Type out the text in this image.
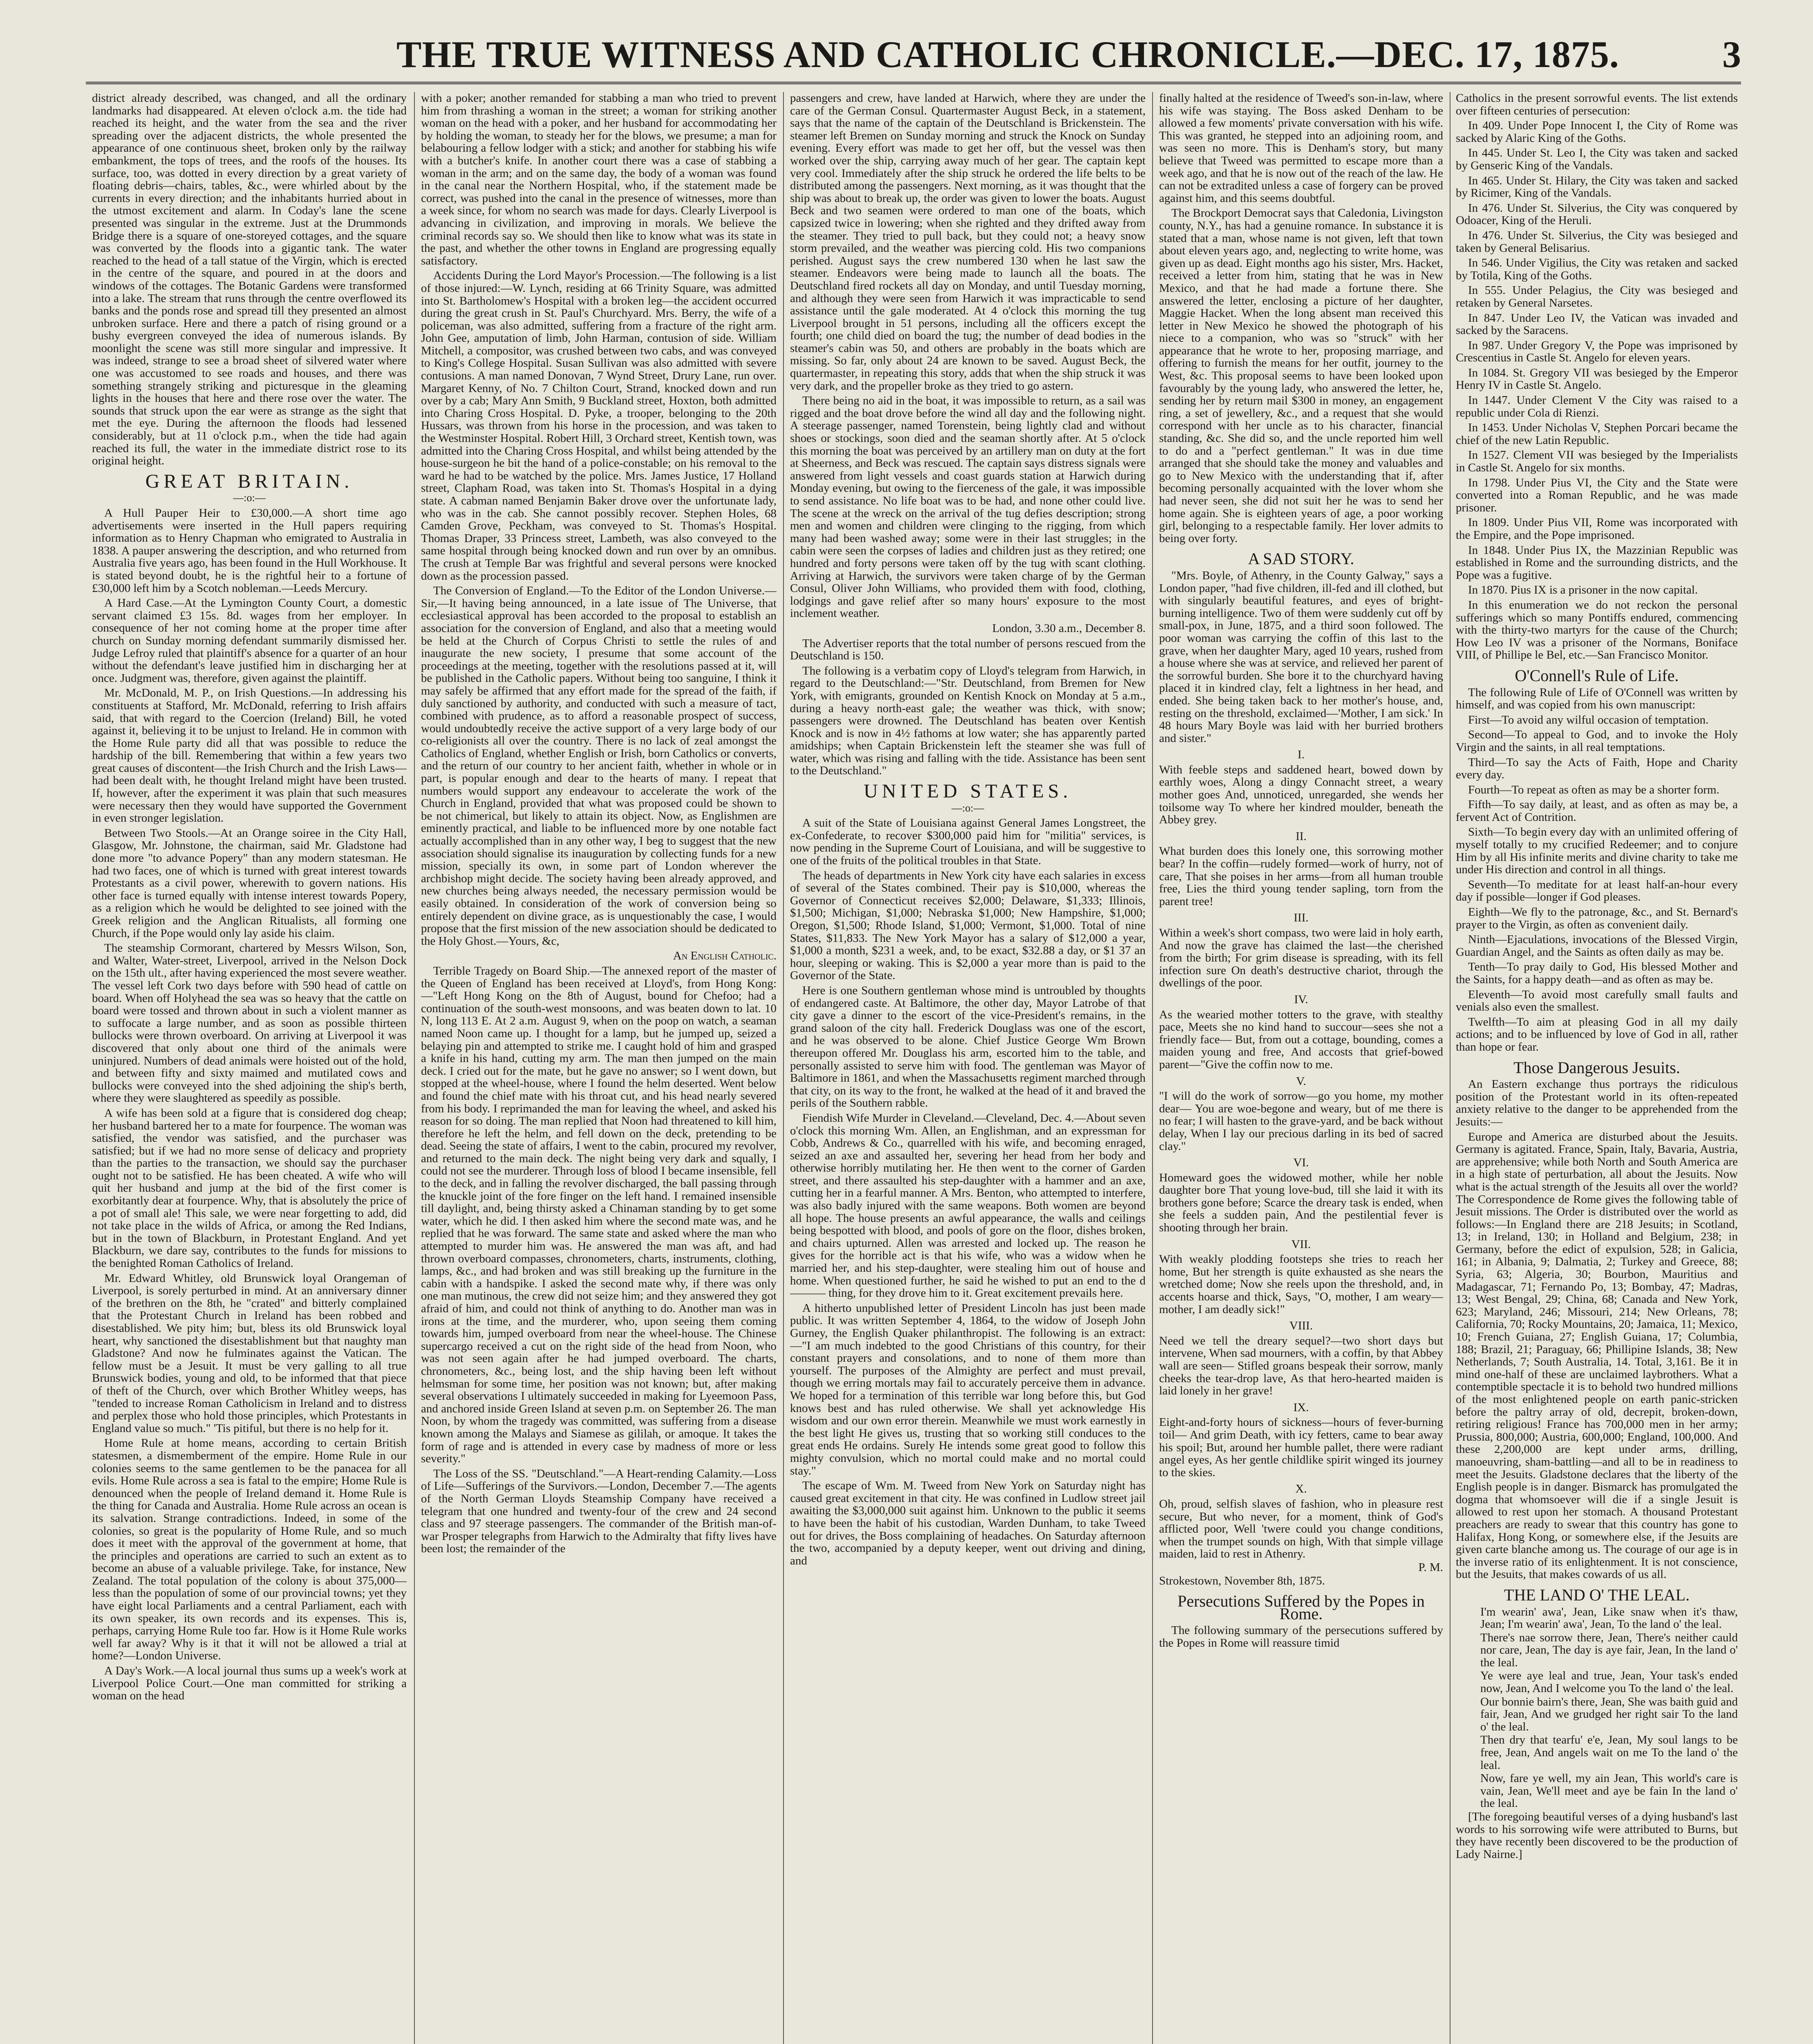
THE TRUE WITNESS AND CATHOLIC CHRONICLE.—DEC. 17, 1875.	3

district already described, was changed, and all the ordinary landmarks had disappeared. At eleven o'clock a.m. the tide had reached its height, and the water from the sea and the river spreading over the adjacent districts, the whole presented the appearance of one continuous sheet, broken only by the railway embankment, the tops of trees, and the roofs of the houses. Its surface, too, was dotted in every direction by a great variety of floating debris—chairs, tables, &c., were whirled about by the currents in every direction; and the inhabitants hurried about in the utmost excitement and alarm. In Coday's lane the scene presented was singular in the extreme. Just at the Drummonds Bridge there is a square of one-storeyed cottages, and the square was converted by the floods into a gigantic tank. The water reached to the head of a tall statue of the Virgin, which is erected in the centre of the square, and poured in at the doors and windows of the cottages. The Botanic Gardens were transformed into a lake. The stream that runs through the centre overflowed its banks and the ponds rose and spread till they presented an almost unbroken surface. Here and there a patch of rising ground or a bushy evergreen conveyed the idea of numerous islands. By moonlight the scene was still more singular and impressive. It was indeed, strange to see a broad sheet of silvered water where one was accustomed to see roads and houses, and there was something strangely striking and picturesque in the gleaming lights in the houses that here and there rose over the water. The sounds that struck upon the ear were as strange as the sight that met the eye. During the afternoon the floods had lessened considerably, but at 11 o'clock p.m., when the tide had again reached its full, the water in the immediate district rose to its original height.

GREAT BRITAIN.
—:o:—

A Hull Pauper Heir to £30,000.—A short time ago advertisements were inserted in the Hull papers requiring information as to Henry Chapman who emigrated to Australia in 1838. A pauper answering the description, and who returned from Australia five years ago, has been found in the Hull Workhouse. It is stated beyond doubt, he is the rightful heir to a fortune of £30,000 left him by a Scotch nobleman.—Leeds Mercury.

A Hard Case.—At the Lymington County Court, a domestic servant claimed £3 15s. 8d. wages from her employer. In consequence of her not coming home at the proper time after church on Sunday morning defendant summarily dismissed her. Judge Lefroy ruled that plaintiff's absence for a quarter of an hour without the defendant's leave justified him in discharging her at once. Judgment was, therefore, given against the plaintiff.

Mr. McDonald, M. P., on Irish Questions.—In addressing his constituents at Stafford, Mr. McDonald, referring to Irish affairs said, that with regard to the Coercion (Ireland) Bill, he voted against it, believing it to be unjust to Ireland. He in common with the Home Rule party did all that was possible to reduce the hardship of the bill. Remembering that within a few years two great causes of discontent—the Irish Church and the Irish Laws—had been dealt with, he thought Ireland might have been trusted. If, however, after the experiment it was plain that such measures were necessary then they would have supported the Government in even stronger legislation.

Between Two Stools.—At an Orange soiree in the City Hall, Glasgow, Mr. Johnstone, the chairman, said Mr. Gladstone had done more "to advance Popery" than any modern statesman. He had two faces, one of which is turned with great interest towards Protestants as a civil power, wherewith to govern nations. His other face is turned equally with intense interest towards Popery, as a religion which he would be delighted to see joined with the Greek religion and the Anglican Ritualists, all forming one Church, if the Pope would only lay aside his claim.

The steamship Cormorant, chartered by Messrs Wilson, Son, and Walter, Water-street, Liverpool, arrived in the Nelson Dock on the 15th ult., after having experienced the most severe weather. The vessel left Cork two days before with 590 head of cattle on board. When off Holyhead the sea was so heavy that the cattle on board were tossed and thrown about in such a violent manner as to suffocate a large number, and as soon as possible thirteen bullocks were thrown overboard. On arriving at Liverpool it was discovered that only about one third of the animals were uninjured. Numbers of dead animals were hoisted out of the hold, and between fifty and sixty maimed and mutilated cows and bullocks were conveyed into the shed adjoining the ship's berth, where they were slaughtered as speedily as possible.

A wife has been sold at a figure that is considered dog cheap; her husband bartered her to a mate for fourpence. The woman was satisfied, the vendor was satisfied, and the purchaser was satisfied; but if we had no more sense of delicacy and propriety than the parties to the transaction, we should say the purchaser ought not to be satisfied. He has been cheated. A wife who will quit her husband and jump at the bid of the first comer is exorbitantly dear at fourpence. Why, that is absolutely the price of a pot of small ale! This sale, we were near forgetting to add, did not take place in the wilds of Africa, or among the Red Indians, but in the town of Blackburn, in Protestant England. And yet Blackburn, we dare say, contributes to the funds for missions to the benighted Roman Catholics of Ireland.

Mr. Edward Whitley, old Brunswick loyal Orangeman of Liverpool, is sorely perturbed in mind. At an anniversary dinner of the brethren on the 8th, he "crated" and bitterly complained that the Protestant Church in Ireland has been robbed and disestablished. We pity him; but, bless its old Brunswick loyal heart, why sanctioned the disestablishment but that naughty man Gladstone? And now he fulminates against the Vatican. The fellow must be a Jesuit. It must be very galling to all true Brunswick bodies, young and old, to be informed that that piece of theft of the Church, over which Brother Whitley weeps, has "tended to increase Roman Catholicism in Ireland and to distress and perplex those who hold those principles, which Protestants in England value so much." 'Tis pitiful, but there is no help for it.

Home Rule at home means, according to certain British statesmen, a dismemberment of the empire. Home Rule in our colonies seems to the same gentlemen to be the panacea for all evils. Home Rule across a sea is fatal to the empire; Home Rule is denounced when the people of Ireland demand it. Home Rule is the thing for Canada and Australia. Home Rule across an ocean is its salvation. Strange contradictions. Indeed, in some of the colonies, so great is the popularity of Home Rule, and so much does it meet with the approval of the government at home, that the principles and operations are carried to such an extent as to become an abuse of a valuable privilege. Take, for instance, New Zealand. The total population of the colony is about 375,000—less than the population of some of our provincial towns; yet they have eight local Parliaments and a central Parliament, each with its own speaker, its own records and its expenses. This is, perhaps, carrying Home Rule too far. How is it Home Rule works well far away? Why is it that it will not be allowed a trial at home?—London Universe.

A Day's Work.—A local journal thus sums up a week's work at Liverpool Police Court.—One man committed for striking a woman on the head

with a poker; another remanded for stabbing a man who tried to prevent him from thrashing a woman in the street; a woman for striking another woman on the head with a poker, and her husband for accommodating her by holding the woman, to steady her for the blows, we presume; a man for belabouring a fellow lodger with a stick; and another for stabbing his wife with a butcher's knife. In another court there was a case of stabbing a woman in the arm; and on the same day, the body of a woman was found in the canal near the Northern Hospital, who, if the statement made be correct, was pushed into the canal in the presence of witnesses, more than a week since, for whom no search was made for days. Clearly Liverpool is advancing in civilization, and improving in morals. We believe the criminal records say so. We should then like to know what was its state in the past, and whether the other towns in England are progressing equally satisfactory.

Accidents During the Lord Mayor's Procession.—The following is a list of those injured:—W. Lynch, residing at 66 Trinity Square, was admitted into St. Bartholomew's Hospital with a broken leg—the accident occurred during the great crush in St. Paul's Churchyard. Mrs. Berry, the wife of a policeman, was also admitted, suffering from a fracture of the right arm. John Gee, amputation of limb, John Harman, contusion of side. William Mitchell, a compositor, was crushed between two cabs, and was conveyed to King's College Hospital. Susan Sullivan was also admitted with severe contusions. A man named Donovan, 7 Wynd Street, Drury Lane, run over. Margaret Kenny, of No. 7 Chilton Court, Strand, knocked down and run over by a cab; Mary Ann Smith, 9 Buckland street, Hoxton, both admitted into Charing Cross Hospital. D. Pyke, a trooper, belonging to the 20th Hussars, was thrown from his horse in the procession, and was taken to the Westminster Hospital. Robert Hill, 3 Orchard street, Kentish town, was admitted into the Charing Cross Hospital, and whilst being attended by the house-surgeon he bit the hand of a police-constable; on his removal to the ward he had to be watched by the police. Mrs. James Justice, 17 Holland street, Clapham Road, was taken into St. Thomas's Hospital in a dying state. A cabman named Benjamin Baker drove over the unfortunate lady, who was in the cab. She cannot possibly recover. Stephen Holes, 68 Camden Grove, Peckham, was conveyed to St. Thomas's Hospital. Thomas Draper, 33 Princess street, Lambeth, was also conveyed to the same hospital through being knocked down and run over by an omnibus. The crush at Temple Bar was frightful and several persons were knocked down as the procession passed.

The Conversion of England.—To the Editor of the London Universe.—Sir,—It having being announced, in a late issue of The Universe, that ecclesiastical approval has been accorded to the proposal to establish an association for the conversion of England, and also that a meeting would be held at the Church of Corpus Christi to settle the rules of and inaugurate the new society, I presume that some account of the proceedings at the meeting, together with the resolutions passed at it, will be published in the Catholic papers. Without being too sanguine, I think it may safely be affirmed that any effort made for the spread of the faith, if duly sanctioned by authority, and conducted with such a measure of tact, combined with prudence, as to afford a reasonable prospect of success, would undoubtedly receive the active support of a very large body of our co-religionists all over the country. There is no lack of zeal amongst the Catholics of England, whether English or Irish, born Catholics or converts, and the return of our country to her ancient faith, whether in whole or in part, is popular enough and dear to the hearts of many. I repeat that numbers would support any endeavour to accelerate the work of the Church in England, provided that what was proposed could be shown to be not chimerical, but likely to attain its object. Now, as Englishmen are eminently practical, and liable to be influenced more by one notable fact actually accomplished than in any other way, I beg to suggest that the new association should signalise its inauguration by collecting funds for a new mission, specially its own, in some part of London wherever the archbishop might decide. The society having been already approved, and new churches being always needed, the necessary permission would be easily obtained. In consideration of the work of conversion being so entirely dependent on divine grace, as is unquestionably the case, I would propose that the first mission of the new association should be dedicated to the Holy Ghost.—Yours, &c,

An English Catholic.

Terrible Tragedy on Board Ship.—The annexed report of the master of the Queen of England has been received at Lloyd's, from Hong Kong:—"Left Hong Kong on the 8th of August, bound for Chefoo; had a continuation of the south-west monsoons, and was beaten down to lat. 10 N, long 113 E. At 2 a.m. August 9, when on the poop on watch, a seaman named Noon came up. I thought for a lamp, but he jumped up, seized a belaying pin and attempted to strike me. I caught hold of him and grasped a knife in his hand, cutting my arm. The man then jumped on the main deck. I cried out for the mate, but he gave no answer; so I went down, but stopped at the wheel-house, where I found the helm deserted. Went below and found the chief mate with his throat cut, and his head nearly severed from his body. I reprimanded the man for leaving the wheel, and asked his reason for so doing. The man replied that Noon had threatened to kill him, therefore he left the helm, and fell down on the deck, pretending to be dead. Seeing the state of affairs, I went to the cabin, procured my revolver, and returned to the main deck. The night being very dark and squally, I could not see the murderer. Through loss of blood I became insensible, fell to the deck, and in falling the revolver discharged, the ball passing through the knuckle joint of the fore finger on the left hand. I remained insensible till daylight, and, being thirsty asked a Chinaman standing by to get some water, which he did. I then asked him where the second mate was, and he replied that he was forward. The same state and asked where the man who attempted to murder him was. He answered the man was aft, and had thrown overboard compasses, chronometers, charts, instruments, clothing, lamps, &c., and had broken and was still breaking up the furniture in the cabin with a handspike. I asked the second mate why, if there was only one man mutinous, the crew did not seize him; and they answered they got afraid of him, and could not think of anything to do. Another man was in irons at the time, and the murderer, who, upon seeing them coming towards him, jumped overboard from near the wheel-house. The Chinese supercargo received a cut on the right side of the head from Noon, who was not seen again after he had jumped overboard. The charts, chronometers, &c., being lost, and the ship having been left without helmsman for some time, her position was not known; but, after making several observations I ultimately succeeded in making for Lyeemoon Pass, and anchored inside Green Island at seven p.m. on September 26. The man Noon, by whom the tragedy was committed, was suffering from a disease known among the Malays and Siamese as gililah, or amoque. It takes the form of rage and is attended in every case by madness of more or less severity."

The Loss of the SS. "Deutschland."—A Heart-rending Calamity.—Loss of Life—Sufferings of the Survivors.—London, December 7.—The agents of the North German Lloyds Steamship Company have received a telegram that one hundred and twenty-four of the crew and 24 second class and 97 steerage passengers. The commander of the British man-of-war Prosper telegraphs from Harwich to the Admiralty that fifty lives have been lost; the remainder of the

passengers and crew, have landed at Harwich, where they are under the care of the German Consul. Quartermaster August Beck, in a statement, says that the name of the captain of the Deutschland is Brickenstein. The steamer left Bremen on Sunday morning and struck the Knock on Sunday evening. Every effort was made to get her off, but the vessel was then worked over the ship, carrying away much of her gear. The captain kept very cool. Immediately after the ship struck he ordered the life belts to be distributed among the passengers. Next morning, as it was thought that the ship was about to break up, the order was given to lower the boats. August Beck and two seamen were ordered to man one of the boats, which capsized twice in lowering; when she righted and they drifted away from the steamer. They tried to pull back, but they could not; a heavy snow storm prevailed, and the weather was piercing cold. His two companions perished. August says the crew numbered 130 when he last saw the steamer. Endeavors were being made to launch all the boats. The Deutschland fired rockets all day on Monday, and until Tuesday morning, and although they were seen from Harwich it was impracticable to send assistance until the gale moderated. At 4 o'clock this morning the tug Liverpool brought in 51 persons, including all the officers except the fourth; one child died on board the tug; the number of dead bodies in the steamer's cabin was 50, and others are probably in the boats which are missing. So far, only about 24 are known to be saved. August Beck, the quartermaster, in repeating this story, adds that when the ship struck it was very dark, and the propeller broke as they tried to go astern.

There being no aid in the boat, it was impossible to return, as a sail was rigged and the boat drove before the wind all day and the following night. A steerage passenger, named Torenstein, being lightly clad and without shoes or stockings, soon died and the seaman shortly after. At 5 o'clock this morning the boat was perceived by an artillery man on duty at the fort at Sheerness, and Beck was rescued. The captain says distress signals were answered from light vessels and coast guards station at Harwich during Monday evening, but owing to the fierceness of the gale, it was impossible to send assistance. No life boat was to be had, and none other could live. The scene at the wreck on the arrival of the tug defies description; strong men and women and children were clinging to the rigging, from which many had been washed away; some were in their last struggles; in the cabin were seen the corpses of ladies and children just as they retired; one hundred and forty persons were taken off by the tug with scant clothing. Arriving at Harwich, the survivors were taken charge of by the German Consul, Oliver John Williams, who provided them with food, clothing, lodgings and gave relief after so many hours' exposure to the most inclement weather.

London, 3.30 a.m., December 8.

The Advertiser reports that the total number of persons rescued from the Deutschland is 150.

The following is a verbatim copy of Lloyd's telegram from Harwich, in regard to the Deutschland:—"Str. Deutschland, from Bremen for New York, with emigrants, grounded on Kentish Knock on Monday at 5 a.m., during a heavy north-east gale; the weather was thick, with snow; passengers were drowned. The Deutschland has beaten over Kentish Knock and is now in 4½ fathoms at low water; she has apparently parted amidships; when Captain Brickenstein left the steamer she was full of water, which was rising and falling with the tide. Assistance has been sent to the Deutschland."

UNITED STATES.
—:o:—

A suit of the State of Louisiana against General James Longstreet, the ex-Confederate, to recover $300,000 paid him for "militia" services, is now pending in the Supreme Court of Louisiana, and will be suggestive to one of the fruits of the political troubles in that State.

The heads of departments in New York city have each salaries in excess of several of the States combined. Their pay is $10,000, whereas the Governor of Connecticut receives $2,000; Delaware, $1,333; Illinois, $1,500; Michigan, $1,000; Nebraska $1,000; New Hampshire, $1,000; Oregon, $1,500; Rhode Island, $1,000; Vermont, $1,000. Total of nine States, $11,833. The New York Mayor has a salary of $12,000 a year, $1,000 a month, $231 a week, and, to be exact, $32.88 a day, or $1 37 an hour, sleeping or waking. This is $2,000 a year more than is paid to the Governor of the State.

Here is one Southern gentleman whose mind is untroubled by thoughts of endangered caste. At Baltimore, the other day, Mayor Latrobe of that city gave a dinner to the escort of the vice-President's remains, in the grand saloon of the city hall. Frederick Douglass was one of the escort, and he was observed to be alone. Chief Justice George Wm Brown thereupon offered Mr. Douglass his arm, escorted him to the table, and personally assisted to serve him with food. The gentleman was Mayor of Baltimore in 1861, and when the Massachusetts regiment marched through that city, on its way to the front, he walked at the head of it and braved the perils of the Southern rabble.

Fiendish Wife Murder in Cleveland.—Cleveland, Dec. 4.—About seven o'clock this morning Wm. Allen, an Englishman, and an expressman for Cobb, Andrews & Co., quarrelled with his wife, and becoming enraged, seized an axe and assaulted her, severing her head from her body and otherwise horribly mutilating her. He then went to the corner of Garden street, and there assaulted his step-daughter with a hammer and an axe, cutting her in a fearful manner. A Mrs. Benton, who attempted to interfere, was also badly injured with the same weapons. Both women are beyond all hope. The house presents an awful appearance, the walls and ceilings being bespotted with blood, and pools of gore on the floor, dishes broken, and chairs upturned. Allen was arrested and locked up. The reason he gives for the horrible act is that his wife, who was a widow when he married her, and his step-daughter, were stealing him out of house and home. When questioned further, he said he wished to put an end to the d——— thing, for they drove him to it. Great excitement prevails here.

A hitherto unpublished letter of President Lincoln has just been made public. It was written September 4, 1864, to the widow of Joseph John Gurney, the English Quaker philanthropist. The following is an extract:—"I am much indebted to the good Christians of this country, for their constant prayers and consolations, and to none of them more than yourself. The purposes of the Almighty are perfect and must prevail, though we erring mortals may fail to accurately perceive them in advance. We hoped for a termination of this terrible war long before this, but God knows best and has ruled otherwise. We shall yet acknowledge His wisdom and our own error therein. Meanwhile we must work earnestly in the best light He gives us, trusting that so working still conduces to the great ends He ordains. Surely He intends some great good to follow this mighty convulsion, which no mortal could make and no mortal could stay."

The escape of Wm. M. Tweed from New York on Saturday night has caused great excitement in that city. He was confined in Ludlow street jail awaiting the $3,000,000 suit against him. Unknown to the public it seems to have been the habit of his custodian, Warden Dunham, to take Tweed out for drives, the Boss complaining of headaches. On Saturday afternoon the two, accompanied by a deputy keeper, went out driving and dining, and

finally halted at the residence of Tweed's son-in-law, where his wife was staying. The Boss asked Denham to be allowed a few moments' private conversation with his wife. This was granted, he stepped into an adjoining room, and was seen no more. This is Denham's story, but many believe that Tweed was permitted to escape more than a week ago, and that he is now out of the reach of the law. He can not be extradited unless a case of forgery can be proved against him, and this seems doubtful.

The Brockport Democrat says that Caledonia, Livingston county, N.Y., has had a genuine romance. In substance it is stated that a man, whose name is not given, left that town about eleven years ago, and, neglecting to write home, was given up as dead. Eight months ago his sister, Mrs. Hacket, received a letter from him, stating that he was in New Mexico, and that he had made a fortune there. She answered the letter, enclosing a picture of her daughter, Maggie Hacket. When the long absent man received this letter in New Mexico he showed the photograph of his niece to a companion, who was so "struck" with her appearance that he wrote to her, proposing marriage, and offering to furnish the means for her outfit, journey to the West, &c. This proposal seems to have been looked upon favourably by the young lady, who answered the letter, he, sending her by return mail $300 in money, an engagement ring, a set of jewellery, &c., and a request that she would correspond with her uncle as to his character, financial standing, &c. She did so, and the uncle reported him well to do and a "perfect gentleman." It was in due time arranged that she should take the money and valuables and go to New Mexico with the understanding that if, after becoming personally acquainted with the lover whom she had never seen, she did not suit her he was to send her home again. She is eighteen years of age, a poor working girl, belonging to a respectable family. Her lover admits to being over forty.

A SAD STORY.

"Mrs. Boyle, of Athenry, in the County Galway," says a London paper, "had five children, ill-fed and ill clothed, but with singularly beautiful features, and eyes of bright-burning intelligence. Two of them were suddenly cut off by small-pox, in June, 1875, and a third soon followed. The poor woman was carrying the coffin of this last to the grave, when her daughter Mary, aged 10 years, rushed from a house where she was at service, and relieved her parent of the sorrowful burden. She bore it to the churchyard having placed it in kindred clay, felt a lightness in her head, and ended. She being taken back to her mother's house, and, resting on the threshold, exclaimed—'Mother, I am sick.' In 48 hours Mary Boyle was laid with her burried brothers and sister."

I.

With feeble steps and saddened heart, bowed down by earthly woes, Along a dingy Connacht street, a weary mother goes And, unnoticed, unregarded, she wends her toilsome way To where her kindred moulder, beneath the Abbey grey.

II.

What burden does this lonely one, this sorrowing mother bear? In the coffin—rudely formed—work of hurry, not of care, That she poises in her arms—from all human trouble free, Lies the third young tender sapling, torn from the parent tree!

III.

Within a week's short compass, two were laid in holy earth, And now the grave has claimed the last—the cherished from the birth; For grim disease is spreading, with its fell infection sure On death's destructive chariot, through the dwellings of the poor.

IV.

As the wearied mother totters to the grave, with stealthy pace, Meets she no kind hand to succour—sees she not a friendly face— But, from out a cottage, bounding, comes a maiden young and free, And accosts that grief-bowed parent—"Give the coffin now to me.

V.

"I will do the work of sorrow—go you home, my mother dear— You are woe-begone and weary, but of me there is no fear; I will hasten to the grave-yard, and be back without delay, When I lay our precious darling in its bed of sacred clay."

VI.

Homeward goes the widowed mother, while her noble daughter bore That young love-bud, till she laid it with its brothers gone before; Scarce the dreary task is ended, when she feels a sudden pain, And the pestilential fever is shooting through her brain.

VII.

With weakly plodding footsteps she tries to reach her home, But her strength is quite exhausted as she nears the wretched dome; Now she reels upon the threshold, and, in accents hoarse and thick, Says, "O, mother, I am weary—mother, I am deadly sick!"

VIII.

Need we tell the dreary sequel?—two short days but intervene, When sad mourners, with a coffin, by that Abbey wall are seen— Stifled groans bespeak their sorrow, manly cheeks the tear-drop lave, As that hero-hearted maiden is laid lonely in her grave!

IX.

Eight-and-forty hours of sickness—hours of fever-burning toil— And grim Death, with icy fetters, came to bear away his spoil; But, around her humble pallet, there were radiant angel eyes, As her gentle childlike spirit winged its journey to the skies.

X.

Oh, proud, selfish slaves of fashion, who in pleasure rest secure, But who never, for a moment, think of God's afflicted poor, Well 'twere could you change conditions, when the trumpet sounds on high, With that simple village maiden, laid to rest in Athenry.

P. M.

Strokestown, November 8th, 1875.

Persecutions Suffered by the Popes in Rome.

The following summary of the persecutions suffered by the Popes in Rome will reassure timid

Catholics in the present sorrowful events. The list extends over fifteen centuries of persecution:

In 409. Under Pope Innocent I, the City of Rome was sacked by Alaric King of the Goths.

In 445. Under St. Leo I, the City was taken and sacked by Genseric King of the Vandals.

In 465. Under St. Hilary, the City was taken and sacked by Ricimer, King of the Vandals.

In 476. Under St. Silverius, the City was conquered by Odoacer, King of the Heruli.

In 476. Under St. Silverius, the City was besieged and taken by General Belisarius.

In 546. Under Vigilius, the City was retaken and sacked by Totila, King of the Goths.

In 555. Under Pelagius, the City was besieged and retaken by General Narsetes.

In 847. Under Leo IV, the Vatican was invaded and sacked by the Saracens.

In 987. Under Gregory V, the Pope was imprisoned by Crescentius in Castle St. Angelo for eleven years.

In 1084. St. Gregory VII was besieged by the Emperor Henry IV in Castle St. Angelo.

In 1447. Under Clement V the City was raised to a republic under Cola di Rienzi.

In 1453. Under Nicholas V, Stephen Porcari became the chief of the new Latin Republic.

In 1527. Clement VII was besieged by the Imperialists in Castle St. Angelo for six months.

In 1798. Under Pius VI, the City and the State were converted into a Roman Republic, and he was made prisoner.

In 1809. Under Pius VII, Rome was incorporated with the Empire, and the Pope imprisoned.

In 1848. Under Pius IX, the Mazzinian Republic was established in Rome and the surrounding districts, and the Pope was a fugitive.

In 1870. Pius IX is a prisoner in the now capital.

In this enumeration we do not reckon the personal sufferings which so many Pontiffs endured, commencing with the thirty-two martyrs for the cause of the Church; How Leo IV was a prisoner of the Normans, Boniface VIII, of Phillipe le Bel, etc.—San Francisco Monitor.

O'Connell's Rule of Life.

The following Rule of Life of O'Connell was written by himself, and was copied from his own manuscript:

First—To avoid any wilful occasion of temptation.

Second—To appeal to God, and to invoke the Holy Virgin and the saints, in all real temptations.

Third—To say the Acts of Faith, Hope and Charity every day.

Fourth—To repeat as often as may be a shorter form.

Fifth—To say daily, at least, and as often as may be, a fervent Act of Contrition.

Sixth—To begin every day with an unlimited offering of myself totally to my crucified Redeemer; and to conjure Him by all His infinite merits and divine charity to take me under His direction and control in all things.

Seventh—To meditate for at least half-an-hour every day if possible—longer if God pleases.

Eighth—We fly to the patronage, &c., and St. Bernard's prayer to the Virgin, as often as convenient daily.

Ninth—Ejaculations, invocations of the Blessed Virgin, Guardian Angel, and the Saints as often daily as may be.

Tenth—To pray daily to God, His blessed Mother and the Saints, for a happy death—and as often as may be.

Eleventh—To avoid most carefully small faults and venials also even the smallest.

Twelfth—To aim at pleasing God in all my daily actions; and to be influenced by love of God in all, rather than hope or fear.

Those Dangerous Jesuits.

An Eastern exchange thus portrays the ridiculous position of the Protestant world in its often-repeated anxiety relative to the danger to be apprehended from the Jesuits:—

Europe and America are disturbed about the Jesuits. Germany is agitated. France, Spain, Italy, Bavaria, Austria, are apprehensive; while both North and South America are in a high state of perturbation, all about the Jesuits. Now what is the actual strength of the Jesuits all over the world? The Correspondence de Rome gives the following table of Jesuit missions. The Order is distributed over the world as follows:—In England there are 218 Jesuits; in Scotland, 13; in Ireland, 130; in Holland and Belgium, 238; in Germany, before the edict of expulsion, 528; in Galicia, 161; in Albania, 9; Dalmatia, 2; Turkey and Greece, 88; Syria, 63; Algeria, 30; Bourbon, Mauritius and Madagascar, 71; Fernando Po, 13; Bombay, 47; Madras, 13; West Bengal, 29; China, 68; Canada and New York, 623; Maryland, 246; Missouri, 214; New Orleans, 78; California, 70; Rocky Mountains, 20; Jamaica, 11; Mexico, 10; French Guiana, 27; English Guiana, 17; Columbia, 188; Brazil, 21; Paraguay, 66; Phillipine Islands, 38; New Netherlands, 7; South Australia, 14. Total, 3,161. Be it in mind one-half of these are unclaimed laybrothers. What a contemptible spectacle it is to behold two hundred millions of the most enlightened people on earth panic-stricken before the paltry array of old, decrepit, broken-down, retiring religious! France has 700,000 men in her army; Prussia, 800,000; Austria, 600,000; England, 100,000. And these 2,200,000 are kept under arms, drilling, manoeuvring, sham-battling—and all to be in readiness to meet the Jesuits. Gladstone declares that the liberty of the English people is in danger. Bismarck has promulgated the dogma that whomsoever will die if a single Jesuit is allowed to rest upon her stomach. A thousand Protestant preachers are ready to swear that this country has gone to Halifax, Hong Kong, or somewhere else, if the Jesuits are given carte blanche among us. The courage of our age is in the inverse ratio of its enlightenment. It is not conscience, but the Jesuits, that makes cowards of us all.

THE LAND O' THE LEAL.

I'm wearin' awa', Jean, Like snaw when it's thaw, Jean; I'm wearin' awa', Jean, To the land o' the leal.

There's nae sorrow there, Jean, There's neither cauld nor care, Jean, The day is aye fair, Jean, In the land o' the leal.

Ye were aye leal and true, Jean, Your task's ended now, Jean, And I welcome you To the land o' the leal.

Our bonnie bairn's there, Jean, She was baith guid and fair, Jean, And we grudged her right sair To the land o' the leal.

Then dry that tearfu' e'e, Jean, My soul langs to be free, Jean, And angels wait on me To the land o' the leal.

Now, fare ye well, my ain Jean, This world's care is vain, Jean, We'll meet and aye be fain In the land o' the leal.

[The foregoing beautiful verses of a dying husband's last words to his sorrowing wife were attributed to Burns, but they have recently been discovered to be the production of Lady Nairne.]
